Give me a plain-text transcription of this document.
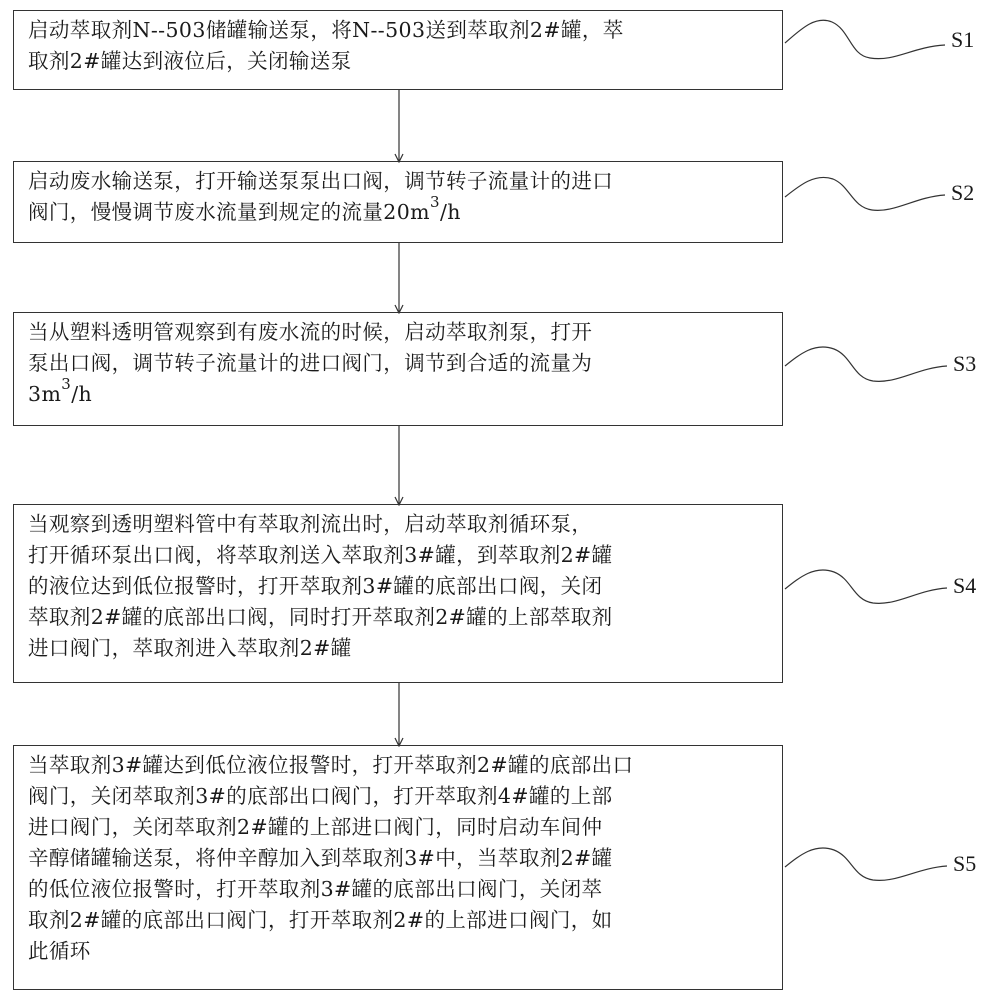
启动萃取剂N--503储罐输送泵，将N--503送到萃取剂2#罐，萃
取剂2#罐达到液位后，关闭输送泵
S1
启动废水输送泵，打开输送泵泵出口阀，调节转子流量计的进口
阀门，慢慢调节废水流量到规定的流量$20m^3/h$
S2
当从塑料透明管观察到有废水流的时候，启动萃取剂泵，打开
泵出口阀，调节转子流量计的进口阀门，调节到合适的流量为
$3m^3/h$
S3
当观察到透明塑料管中有萃取剂流出时，启动萃取剂循环泵，
打开循环泵出口阀，将萃取剂送入萃取剂3#罐，到萃取剂2#罐
的液位达到低位报警时，打开萃取剂3#罐的底部出口阀，关闭
萃取剂2#罐的底部出口阀，同时打开萃取剂2#罐的上部萃取剂
进口阀门，萃取剂进入萃取剂2#罐
S4
当萃取剂3#罐达到低位液位报警时，打开萃取剂2#罐的底部出口
阀门，关闭萃取剂3#的底部出口阀门，打开萃取剂4#罐的上部
进口阀门，关闭萃取剂2#罐的上部进口阀门，同时启动车间仲
辛醇储罐输送泵，将仲辛醇加入到萃取剂3#中，当萃取剂2#罐
的低位液位报警时，打开萃取剂3#罐的底部出口阀门，关闭萃
取剂2#罐的底部出口阀门，打开萃取剂2#的上部进口阀门，如
此循环
S5
